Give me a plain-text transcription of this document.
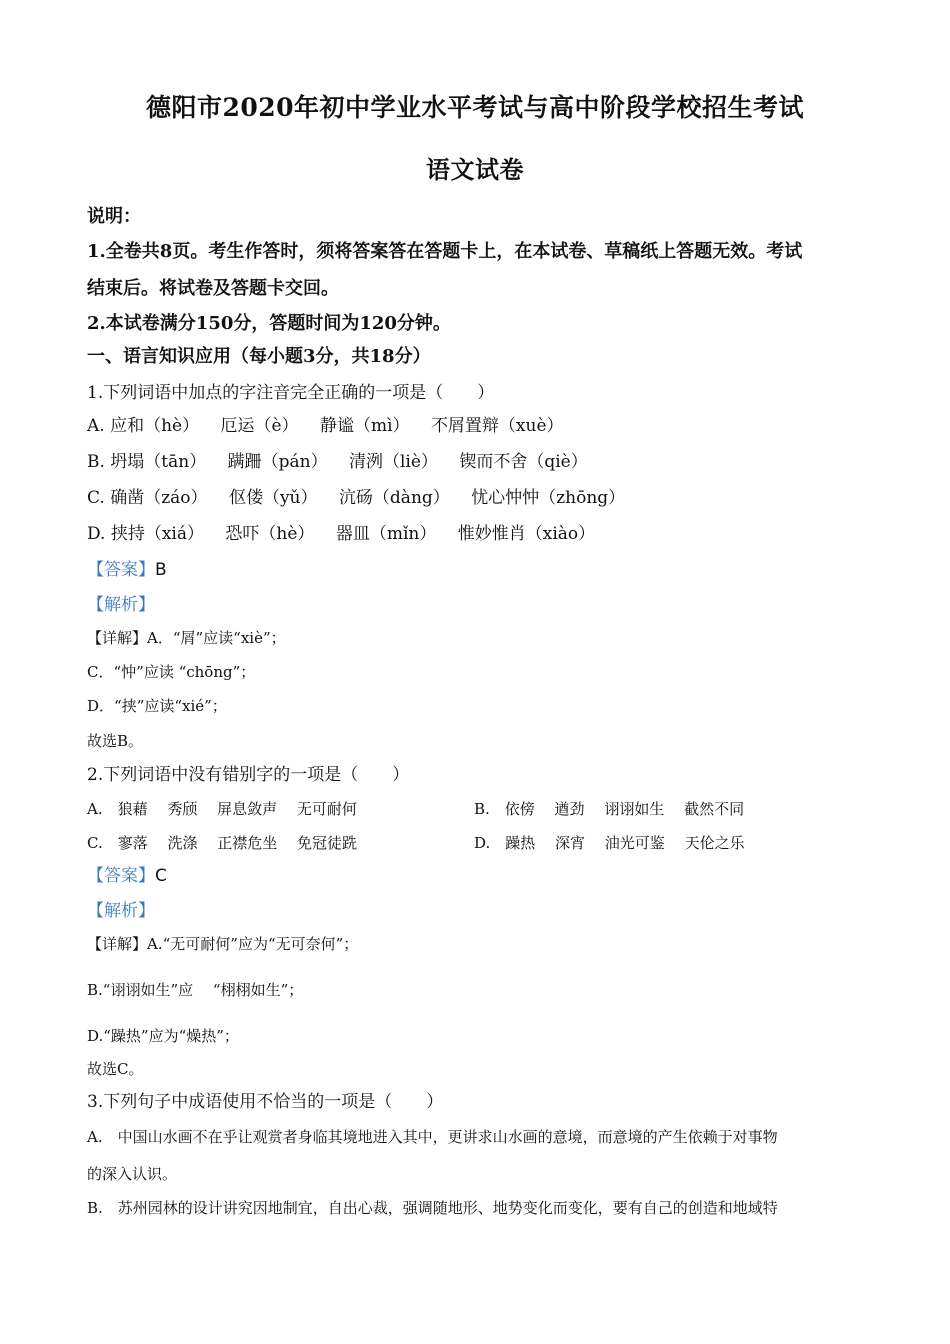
德阳市2020年初中学业水平考试与高中阶段学校招生考试
语文试卷
说明：
1.全卷共8页。考生作答时，须将答案答在答题卡上，在本试卷、草稿纸上答题无效。考试
结束后。将试卷及答题卡交回。
2.本试卷满分150分，答题时间为120分钟。
一、语言知识应用（每小题3分，共18分）
1.下列词语中加点的字注音完全正确的一项是（　　）
A. 应和（hè） 厄运（è） 静谧（mì） 不屑置辩（xuè）
B. 坍塌（tān） 蹒跚（pán） 清洌（liè） 锲而不舍（qiè）
C. 确凿（záo） 伛偻（yǔ） 沆砀（dàng） 忧心忡忡（zhōng）
D. 挟持（xiá） 恐吓（hè） 器皿（mǐn） 惟妙惟肖（xiào）
【答案】B
【解析】
【详解】A．“屑”应读“xiè”；
C．“忡”应读 “chōng”；
D．“挟”应读“xié”；
故选B。
2.下列词语中没有错别字的一项是（　　）
A.　狼藉　 秀颀　 屏息敛声　 无可耐何	B.　依傍　 遒劲　 诩诩如生　 截然不同
C.　寥落　 洗涤　 正襟危坐　 免冠徒跣	D.　躁热　 深宵　 油光可鉴　 天伦之乐
【答案】C
【解析】
【详解】A.“无可耐何”应为“无可奈何”；
B.“诩诩如生”应　 “栩栩如生”；
D.“躁热”应为“燥热”；
故选C。
3.下列句子中成语使用不恰当的一项是（　　）
A.　中国山水画不在乎让观赏者身临其境地进入其中，更讲求山水画的意境，而意境的产生依赖于对事物
的深入认识。
B.　苏州园林的设计讲究因地制宜，自出心裁，强调随地形、地势变化而变化，要有自己的创造和地域特
